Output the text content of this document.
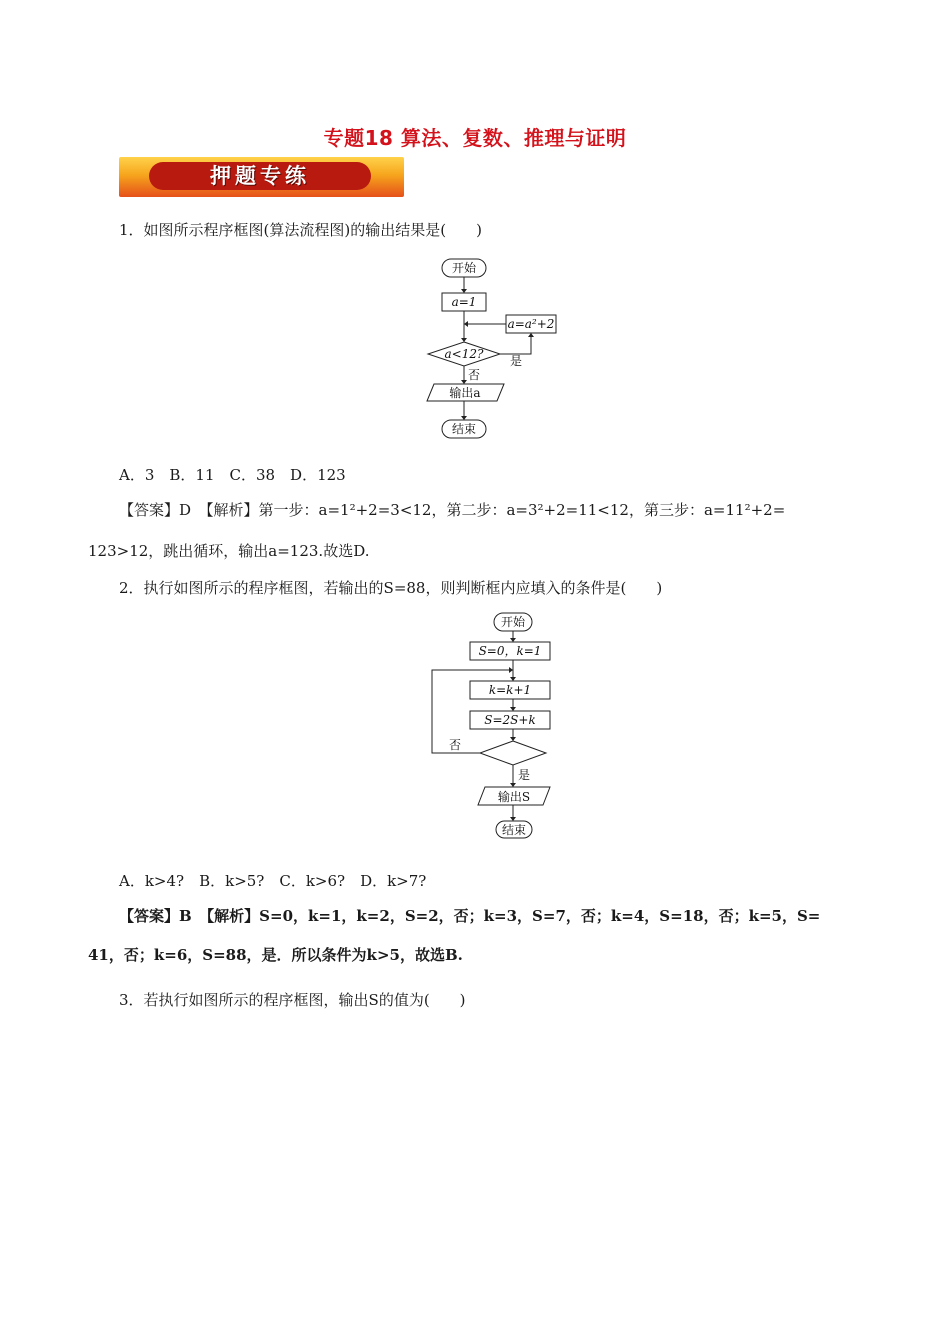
专题18 算法、复数、推理与证明
押题专练
1．如图所示程序框图(算法流程图)的输出结果是(　　)
开始
a=1
a=a²+2
a<12? 是
否
输出a
结束
A．3　B．11　C．38　D．123
【答案】D　【解析】第一步：a=1²+2=3<12，第二步：a=3²+2=11<12，第三步：a=11²+2=
123>12，跳出循环，输出a=123.故选D.
2．执行如图所示的程序框图，若输出的S=88，则判断框内应填入的条件是(　　)
开始
S=0，k=1
k=k+1
S=2S+k
否
是
输出S
结束
A．k>4?　B．k>5?　C．k>6?　D．k>7?
【答案】B　【解析】S=0，k=1，k=2，S=2，否；k=3，S=7，否；k=4，S=18，否；k=5，S=
41，否；k=6，S=88，是．所以条件为k>5，故选B.
3．若执行如图所示的程序框图，输出S的值为(　　)
